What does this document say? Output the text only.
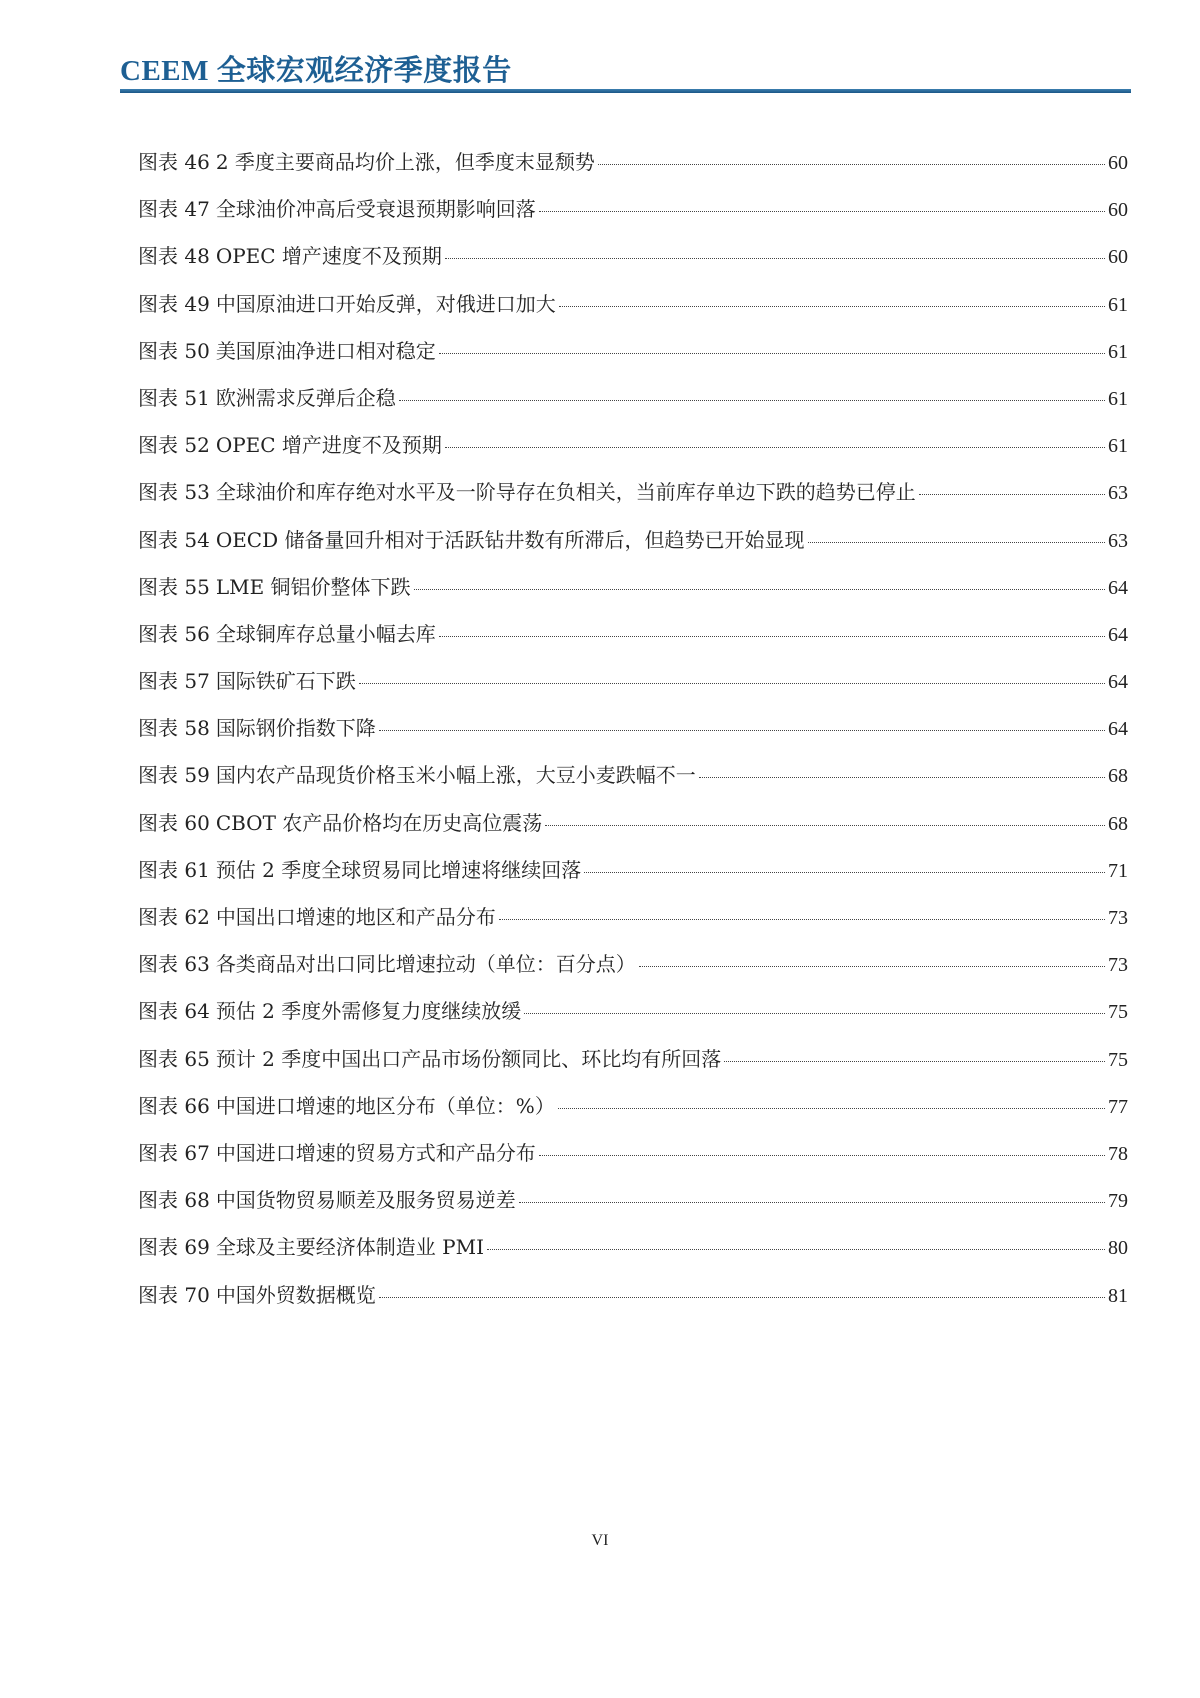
CEEM 全球宏观经济季度报告
图表 46 2 季度主要商品均价上涨，但季度末显颓势	60
图表 47 全球油价冲高后受衰退预期影响回落	60
图表 48 OPEC 增产速度不及预期	60
图表 49 中国原油进口开始反弹，对俄进口加大	61
图表 50 美国原油净进口相对稳定	61
图表 51 欧洲需求反弹后企稳	61
图表 52 OPEC 增产进度不及预期	61
图表 53 全球油价和库存绝对水平及一阶导存在负相关，当前库存单边下跌的趋势已停止	63
图表 54 OECD 储备量回升相对于活跃钻井数有所滞后，但趋势已开始显现	63
图表 55 LME 铜铝价整体下跌	64
图表 56 全球铜库存总量小幅去库	64
图表 57 国际铁矿石下跌	64
图表 58 国际钢价指数下降	64
图表 59 国内农产品现货价格玉米小幅上涨，大豆小麦跌幅不一	68
图表 60 CBOT 农产品价格均在历史高位震荡	68
图表 61 预估 2 季度全球贸易同比增速将继续回落	71
图表 62 中国出口增速的地区和产品分布	73
图表 63 各类商品对出口同比增速拉动（单位：百分点）	73
图表 64 预估 2 季度外需修复力度继续放缓	75
图表 65 预计 2 季度中国出口产品市场份额同比、环比均有所回落	75
图表 66 中国进口增速的地区分布（单位：%）	77
图表 67 中国进口增速的贸易方式和产品分布	78
图表 68 中国货物贸易顺差及服务贸易逆差	79
图表 69 全球及主要经济体制造业 PMI	80
图表 70 中国外贸数据概览	81
VI
